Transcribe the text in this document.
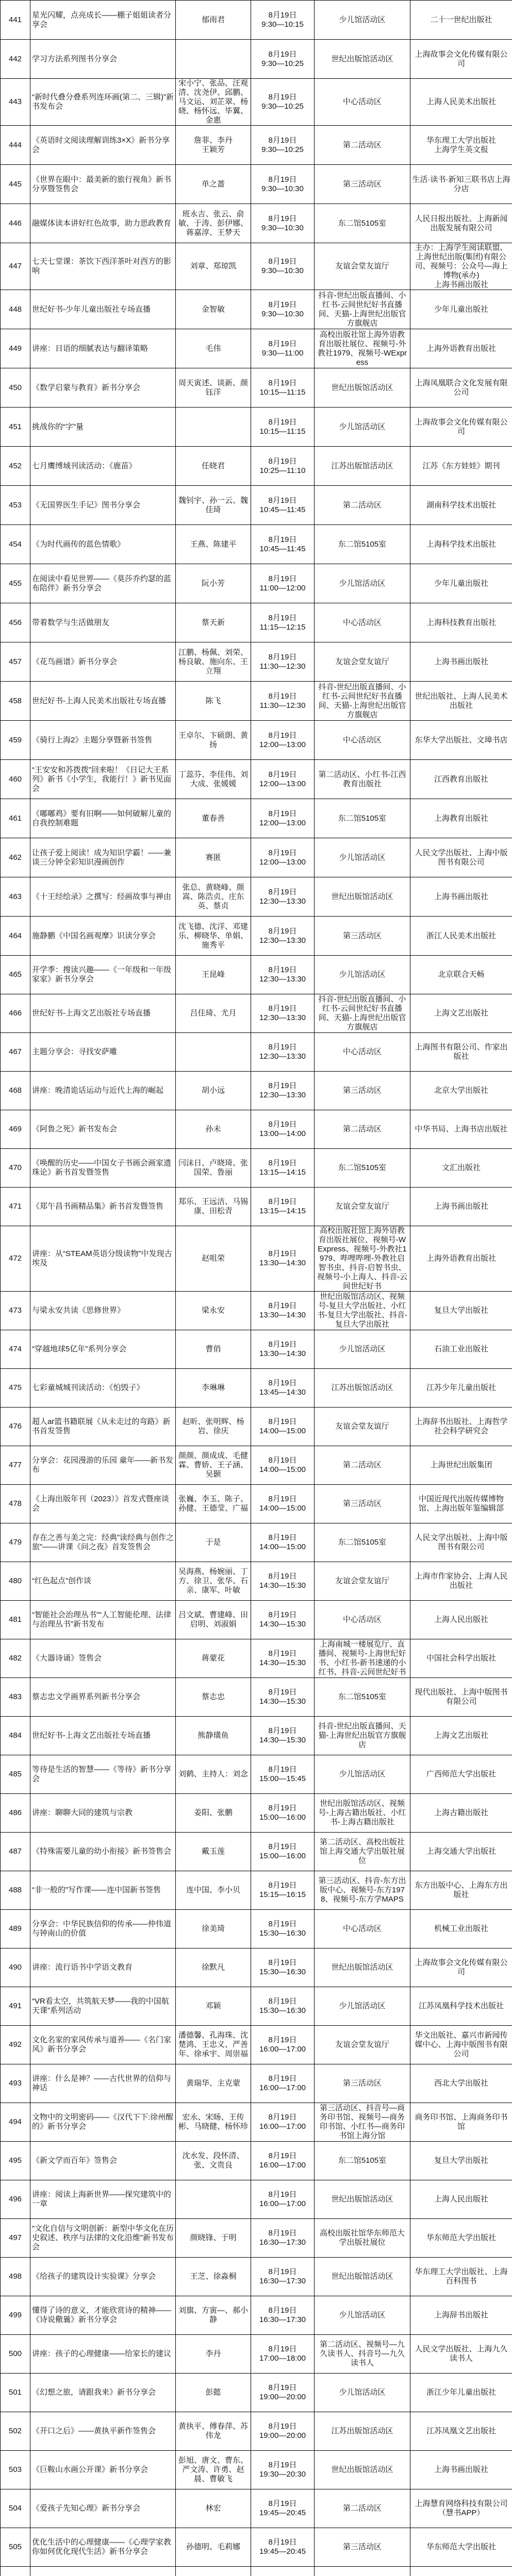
441	星光闪耀，点亮成长——棚子姐姐读者分享会	郁雨君	8月19日
9:30—10:15	少儿馆活动区	二十一世纪出版社
442	学习方法系列图书分享会		8月19日
9:30—10:25	世纪出版馆活动区	上海故事会文化传媒有限公司
443	“新时代叠分叠系列连环画(第二、三辑)”新书发布会	宋小宁、张品、汪观清、沈尧伊、邱鹏、马文运、刘芷翠、杨晓、杨怀远、毕翼、金惠	8月19日
9:30—10:25	中心活动区	上海人民美术出版社
444	《英语时文阅读理解训练3×X》新书分享会	詹菲、李丹
王颖芳	8月19日
9:30—10:25	第二活动区	华东理工大学出版社
上海学生英文报
445	《世界在眼中：最美新的旅行视角》新书分享暨签售会	单之蔷	8月19日
9:30—10:30	第三活动区	生活·读书·新知三联书店上海分店
446	融媒体读本讲好红色故事，助力思政教育	班永吉、张云、俞敏、于涛、彭伊娜、蒋嘉淳、王梦天	8月19日
9:30—10:30	东二馆5105室	人民日报出版社、上海新闻出版发展有限公司
447	七天七堂课：茶饮下西洋茶叶对西方的影响	刘章、郑琼凯	8月19日
9:30—10:30	友谊会堂友谊厅	主办：上海学生阅读联盟、上海世纪出版(集团)有限公司、视频号：公众号—海上博物(承办)
上海书画出版社
448	世纪好书-少年儿童出版社专场直播	金智敏	8月19日
9:30—10:30	抖音-世纪出版直播间、小红书-云间世纪好书直播间、天猫-上海世纪出版官方旗舰店	少年儿童出版社
449	讲座：日语的细腻表达与翻译策略	毛伟	8月19日
9:30—11:00	高校出版社馆上海外语教育出版社展位、视频号-外教社1979、视频号-WExpress	上海外语教育出版社
450	《数学启蒙与教育》新书分享会	周天寅述、谈新、颜钰洋	8月19日
10:15—11:15	世纪出版馆活动区	上海凤凰联合文化发展有限公司
451	挑战你的“字”量		8月19日
10:15—11:15	少儿馆活动区	上海故事会文化传媒有限公司
452	七月鹰缚域刊读活动：《鹿苗》	任晓君	8月19日
10:25—11:10	江苏出版馆活动区	江苏《东方娃娃》期刊
453	《无国界医生手记》图书分享会	魏钊宇、孙一云、魏佳琦	8月19日
10:45—11:45	第二活动区	湖南科学技术出版社
454	《为时代画传的蓝色情歌》	王燕、陈建平	8月19日
10:45—11:45	东二馆5105室	上海科学技术出版社
455	在阅读中看见世界——《莫莎乔约瑟的蓝布陪伴》新书分享会	阮小芳	8月19日
11:00—12:00	少儿馆活动区	少年儿童出版社
456	带着数学与生活做朋友	蔡天新	8月19日
11:15—12:15	中心活动区	上海科技教育出版社
457	《花鸟画谱》新书分享会	江鹏、杨佩、刘荣、杨良敏、施向东、王立翔	8月19日
11:30—12:30	友谊会堂友谊厅	上海书画出版社
458	世纪好书-上海人民美术出版社专场直播	陈飞	8月19日
11:30—12:30	抖音-世纪出版直播间、小红书-云间世纪好书直播间、天猫-上海世纪出版官方旗舰店	世纪出版社、上海人民美术出版社
459	《骑行上海2》主题分享暨新书签售	王卓尔、卞硕朗、黄扬	8月19日
12:00—13:00	中心活动区	东华大学出版社、文璋书店
460	“王安安和苏拨拨”回来啦！《日记大王系列》新书《小学生，我能行！》新书见面会	丁蕊芬、李佳伟、刘大成、张媛媛	8月19日
12:00—13:00	第二活动区、小红书-江西教育出版社	江西教育出版社
461	《嘟嘟鸡》要有旧啊——如何破解儿童的自我控制难题	董春善	8月19日
12:00—13:00	东二馆5105室	上海教育出版社
462	让孩子爱上阅读！成为知识学霸！——兼谈三分钟全彩知识漫画创作	赛匿	8月19日
12:00—13:00	少儿馆活动区	人民文学出版社、上海中版图书有限公司
463	《十王经绘录》之撰写：经画故事与禅由	张总、黄晓峰、颜嵩、陈浩贞、庄东英、蔡贞	8月19日
12:30—13:30	世纪出版馆活动区	上海书画出版社
464	施静鹏《中国名画观摩》识读分享会	沈飞德、沈洋、邓建乐、柳晓华、单娟、施秀平	8月19日
12:30—13:30	第三活动区	浙江人民美术出版社
465	开学季：搜读兴趣——《一年级和一年级家家》新书分享会	王昆峰	8月19日
12:30—13:30	少儿馆活动区	北京联合天畅
466	世纪好书-上海文艺出版社专场直播	吕佳琦、尤月	8月19日
12:30—13:30	抖音-世纪出版直播间、小红书-云间世纪好书直播间、天猫-上海世纪出版官方旗舰店	上海文艺出版社
467	主题分享会：寻找安萨雕		8月19日
12:30—13:30	中心活动区	上海图书有限公司、作家出版社
468	讲座：晚清诡话运动与近代上海的崛起	胡小远	8月19日
12:30—13:30	第三活动区	北京大学出版社
469	《阿鲁之死》新书发布会	孙未	8月19日
13:00—14:00	第二活动区	中华书局、上海书店出版社
470	《唤醒的历史——中国女子书画会画家遗珠论》新书首发暨签售	闫沫日、卢晓琦、张国荣、鲁丽	8月19日
13:15—14:15	东二馆5105室	文汇出版社
471	《郑午昌书画精品集》新书首发暨签售	郑乐、王远洁、马锡康、田松青	8月19日
13:15—14:15	友谊会堂友谊厅	上海书画出版社
472	讲座：从“STEAM英语分级读物”中发现古埃及	赵咀荣	8月19日
13:30—14:30	高校出版社馆上海外语教育出版社展位、视频号-WExpress、视频号-外教社1979、哔哩哔哩-外教社启智书虫、抖音-启智书虫、视频号-小上海人、抖音-云间世纪好书	上海外语教育出版社
473	与梁永安共读《思修世界》	梁永安	8月19日
13:30—14:30	世纪出版馆活动区、视频号-复旦大学出版社、小红书-复旦大学出版社、抖音-复旦大学出版社	复旦大学出版社
474	“穿越地球5亿年”系列分享会	曹俏	8月19日
13:30—14:30	少儿馆活动区	石油工业出版社
475	七彩童城城刊读活动：《怕毁子》	李琳琳	8月19日
13:45—14:30	江苏出版馆活动区	江苏少年儿童出版社
476	超人ar篮书籍联展《从未走过的弯路》新书首发签售	赵昕、张明辉、杨岩、徐庆	8月19日
14:00—15:00	友谊会堂友谊厅	上海辞书出版社、上海哲学社会科学研究会
477	分享会：花园漫游的乐园 童年——新书发布	颜颜、颜成成、毛健霖、曹娇、王子涵、吴颢	8月19日
14:00—15:00	第二活动区	上海世纪出版集团
478	《上海出版年刊（2023）》首发式暨座谈会	张巍、李玉、陈子、孙健、王德莹、广福	8月19日
14:00—15:00	第三活动区	中国近现代出版传媒博物馆、上海出版年鉴编辑部
479	存在之善与美之完：经典”读经典与创作之旅”——讲课《问之夜》首发签售会	于是	8月19日
14:00—15:00	东二馆5105室	人民文学出版社、上海中版图书有限公司
480	“红色起点”创作谈	吴海燕、杨婉丽、丁方、徐卫、张华、石亲、康军、叶敏	8月19日
14:30—15:30	友谊会堂友谊厅	上海市作家协会、上海人民出版社
481	“智能社会治理丛书”“人工智能伦理、法律与治理丛书”新书发布	吕文斌、曹建峰、田启明、刘淑娟	8月19日
14:30—15:30	中心活动区	上海人民出版社
482	《大器诗诵》签售会	蒋蒙花	8月19日
14:30—15:30	上海南城一楼展览厅、直播间、视频号-上海世纪好书、小红书-新书速递的小红书、抖音-云间世纪好书	中国社会科学出版社
483	蔡志忠文学画界系列新书分享会	蔡志忠	8月19日
14:30—15:30	东二馆5105室	现代出版社、上海中版图书有限公司
484	世纪好书-上海文艺出版社专场直播	熊静璜鱼	8月19日
14:30—15:30	抖音-世纪出版直播间、天猫-上海世纪出版官方旗舰店	上海文艺出版社
485	等待是生活的智慧——《等待》新书分享会	刘鹤、主持人：刘念	8月19日
15:00—15:45	少儿馆活动区	广西师范大学出版社
486	讲座：聊聊大同的建筑与宗教	姜阳、张鹏	8月19日
15:00—16:00	世纪出版馆活动区、视频号-上海古籍出版社、小红书-上海古籍出版社	上海古籍出版社
487	《特殊需要儿童的幼小衔接》新书签售会	戴玉莲	8月19日
15:00—16:00	第二活动区、高校出版社馆上海交通大学出版社展位	上海交通大学出版社
488	“非一般的”写作课——连中国新书签售	连中国、李小贝	8月19日
15:15—16:15	第三活动区、抖音-东方出版中心、视频号-东方1978、视频号-东方学MAPS	东方出版中心、上海东方出版社
489	分享会：中华民族信仰的传承——仲伟道与钟南山的价值	徐美琦	8月19日
15:30—16:30	中心活动区	机械工业出版社
490	讲座：流行语书中学语文教育	徐默凡	8月19日
15:30—16:30	世纪出版馆活动区	上海故事会文化传媒有限公司
491	“VR看太空，共筑航天梦——我的中国航天课”系列活动	邓颖	8月19日
15:30—16:30	少儿馆活动区	江苏凤凰科学技术出版社
492	文化名家的家风传承与道养——《名门家风》新书分享会	潘德馨、孔海珠、沈楚鸿、王忠义、严善年、徐承宇、周崇福	8月19日
16:00—17:00	友谊会堂友谊厅	华文出版社、嘉兴市新闻传媒中心、上海中版图书有限公司
493	讲座：什么是神？——古代世界的信仰与神话	黄瑞华、主克蒙	8月19日
16:00—17:00	第三活动区	西北大学出版社
494	文物中的文明密码——《汉代下下:徐州醒的》新书分享会	宏永、宋旸、王传彬、马晓健、杨怀珍	8月19日
16:00—17:00	第三活动区、抖音号—商务印书馆、视频号—商务印书馆、小红书—商务印书馆上海分馆	商务印书馆、上海商务印书馆
495	《新文学而百年》签售会	沈水发、段怀清、张、文贵良	8月19日
16:00—17:00	东二馆5105室	复旦大学出版社
496	讲座：阅读上海新世界——探究建筑中的一章		8月19日
16:00—17:00	世纪出版馆活动区	上海人民出版社
497	“文化自信与文明创新：新型中华文化在历史叙述、秩序与法律的文化沿维”新书发布会	颜晓锋、于明	8月19日
16:30—17:30	高校出版社馆华东师范大学出版社展位	华东师范大学出版社
498	《给孩子的建筑设计实验课》分享会	王芝、徐淼桐	8月19日
16:30—17:30	世纪出版馆活动区	华东理工大学出版社、上海百科图书
499	懂得了诗的意义，才能欣赏诗的精神——《诗说儆曩》新书分享会	刘旗、方寅—、郝小静	8月19日
16:30—17:30	少儿馆活动区	上海辞书出版社
500	讲座：孩子的心理健康——给家长的建议	李丹	8月19日
17:00—18:00	第二活动区、视频号—九久读书人、抖音号—九久读书人	人民文学出版社、上海九久读书人
501	《幻想之旅，请跟我来》新书分享会	彭懿	8月19日
19:00—20:00	少儿馆活动区	浙江少年儿童出版社
502	《开口之后》——黄执平新作签售会	黄执平、傅春萍、苏伟龙	8月19日
19:00—20:00	江苏出版馆活动区	江苏凤凰文艺出版社
503	《巨鞍山水画公开课》新书分享会	彭旭、唐文、曹东、严文涛、许勇、赵晨、曹敏飞	8月19日
19:30—20:30	世纪出版馆活动区	上海书画出版社
504	《爱孩子先知心理》新书分享会	林宏	8月19日
19:45—20:45	第二活动区	上海慧育网络科技有限公司（慧书APP）
505	优化生活中的心理健康——《心理学家教你如何优化现代生活》新书分享会	孙德明、毛莉娜	8月19日
19:45—20:45	第三活动区	华东师范大学出版社
